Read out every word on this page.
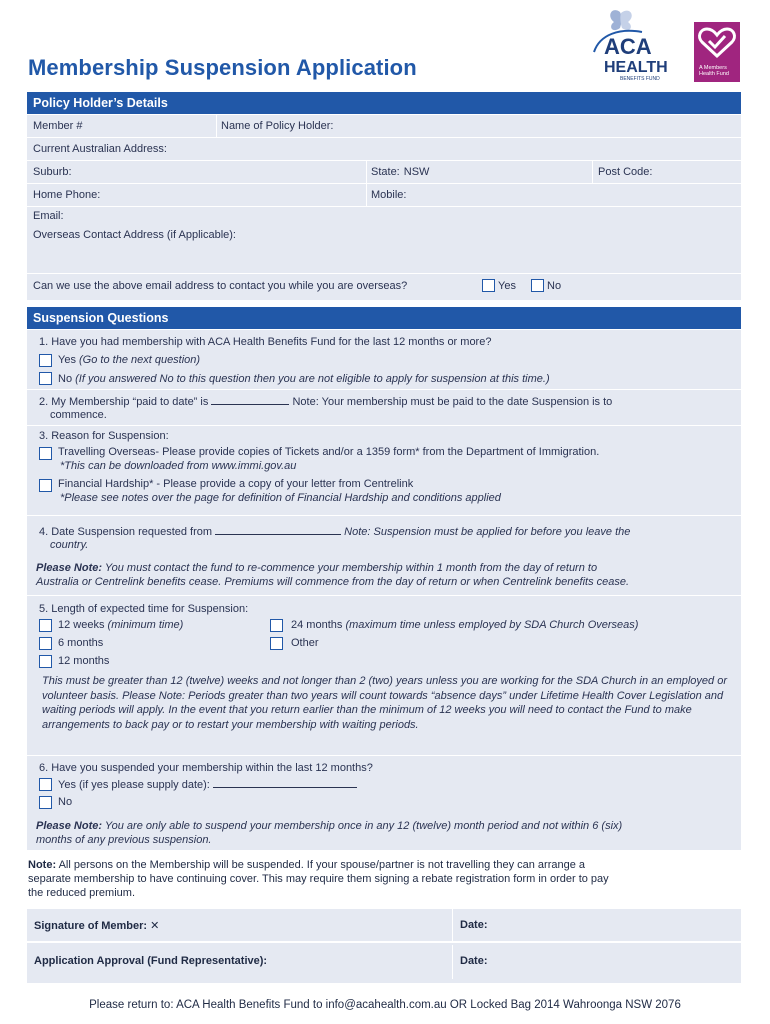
Membership Suspension Application
ACA
HEALTH
BENEFITS FUND
A Members Health Fund
Policy Holder’s Details
Member #	Name of Policy Holder:
Current Australian Address:
Suburb:	State: NSW	Post Code:
Home Phone:	Mobile:
Email:
Overseas Contact Address (if Applicable):
Can we use the above email address to contact you while you are overseas?	Yes	No
Suspension Questions
1. Have you had membership with ACA Health Benefits Fund for the last 12 months or more?
Yes (Go to the next question)
No (If you answered No to this question then you are not eligible to apply for suspension at this time.)
2. My Membership “paid to date” is	Note: Your membership must be paid to the date Suspension is to
commence.
3. Reason for Suspension:
Travelling Overseas- Please provide copies of Tickets and/or a 1359 form* from the Department of Immigration.
*This can be downloaded from www.immi.gov.au
Financial Hardship* - Please provide a copy of your letter from Centrelink
*Please see notes over the page for definition of Financial Hardship and conditions applied
4. Date Suspension requested from	Note: Suspension must be applied for before you leave the
country.
Please Note: You must contact the fund to re-commence your membership within 1 month from the day of return to
Australia or Centrelink benefits cease. Premiums will commence from the day of return or when Centrelink benefits cease.
5. Length of expected time for Suspension:
12 weeks (minimum time)
6 months
12 months
24 months (maximum time unless employed by SDA Church Overseas)
Other
This must be greater than 12 (twelve) weeks and not longer than 2 (two) years unless you are working for the SDA Church in an employed or volunteer basis. Please Note: Periods greater than two years will count towards “absence days” under Lifetime Health Cover Legislation and waiting periods will apply. In the event that you return earlier than the minimum of 12 weeks you will need to contact the Fund to make arrangements to back pay or to restart your membership with waiting periods.
6. Have you suspended your membership within the last 12 months?
Yes (if yes please supply date):
No
Please Note: You are only able to suspend your membership once in any 12 (twelve) month period and not within 6 (six)
months of any previous suspension.
Note: All persons on the Membership will be suspended. If your spouse/partner is not travelling they can arrange a
separate membership to have continuing cover. This may require them signing a rebate registration form in order to pay
the reduced premium.
Signature of Member: ✕	Date:
Application Approval (Fund Representative):	Date:
Please return to: ACA Health Benefits Fund to info@acahealth.com.au OR Locked Bag 2014 Wahroonga NSW 2076
